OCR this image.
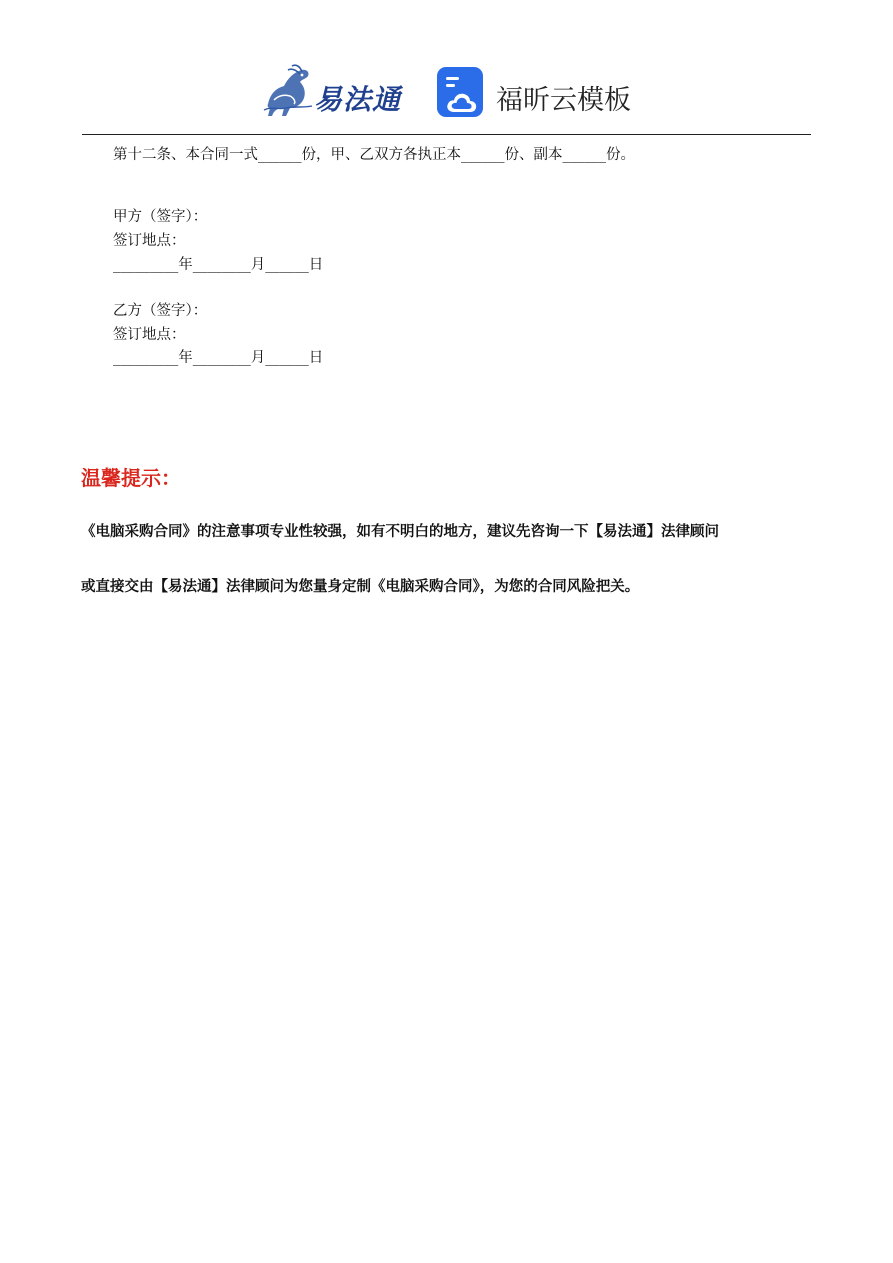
易法通	福昕云模板
第十二条、本合同一式______份，甲、乙双方各执正本______份、副本______份。
甲方（签字）：
签订地点：
_________年________月______日
乙方（签字）：
签订地点：
_________年________月______日
温馨提示：
《电脑采购合同》的注意事项专业性较强，如有不明白的地方，建议先咨询一下【易法通】法律顾问
或直接交由【易法通】法律顾问为您量身定制《电脑采购合同》，为您的合同风险把关。
